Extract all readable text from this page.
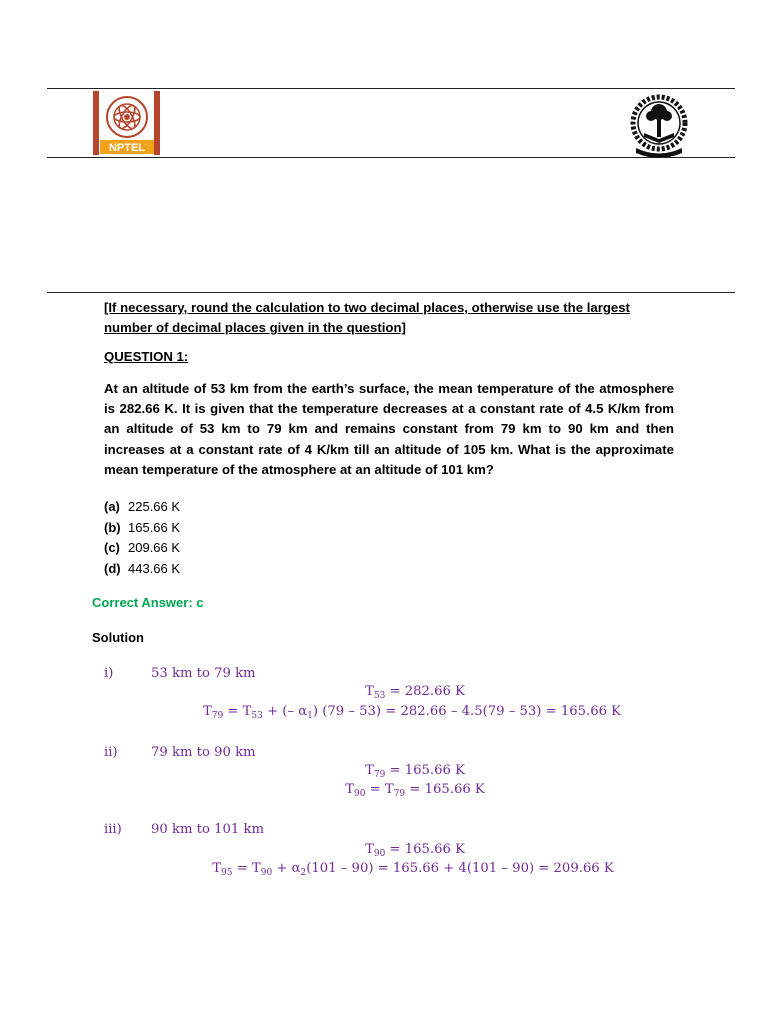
NPTEL
[If necessary, round the calculation to two decimal places, otherwise use the largest number of decimal places given in the question]
QUESTION 1:
At an altitude of 53 km from the earth’s surface, the mean temperature of the atmosphere is 282.66 K. It is given that the temperature decreases at a constant rate of 4.5 K/km from an altitude of 53 km to 79 km and remains constant from 79 km to 90 km and then increases at a constant rate of 4 K/km till an altitude of 105 km. What is the approximate mean temperature of the atmosphere at an altitude of 101 km?
(a) 225.66 K
(b) 165.66 K
(c) 209.66 K
(d) 443.66 K
Correct Answer: c
Solution
i)	53 km to 79 km
$T_{53} = 282.66$ K
$T_{79} = T_{53}$ + (– $\alpha_1$) (79 – 53) = 282.66 – 4.5(79 – 53) = 165.66 K
ii)	79 km to 90 km
$T_{79} = 165.66$ K
$T_{90} = T_{79} = 165.66$ K
iii) 90 km to 101 km
$T_{90} = 165.66$ K
$T_{95} = T_{90} + \alpha_2(101 - 90) = 165.66 + 4(101 - 90) = 209.66$ K
